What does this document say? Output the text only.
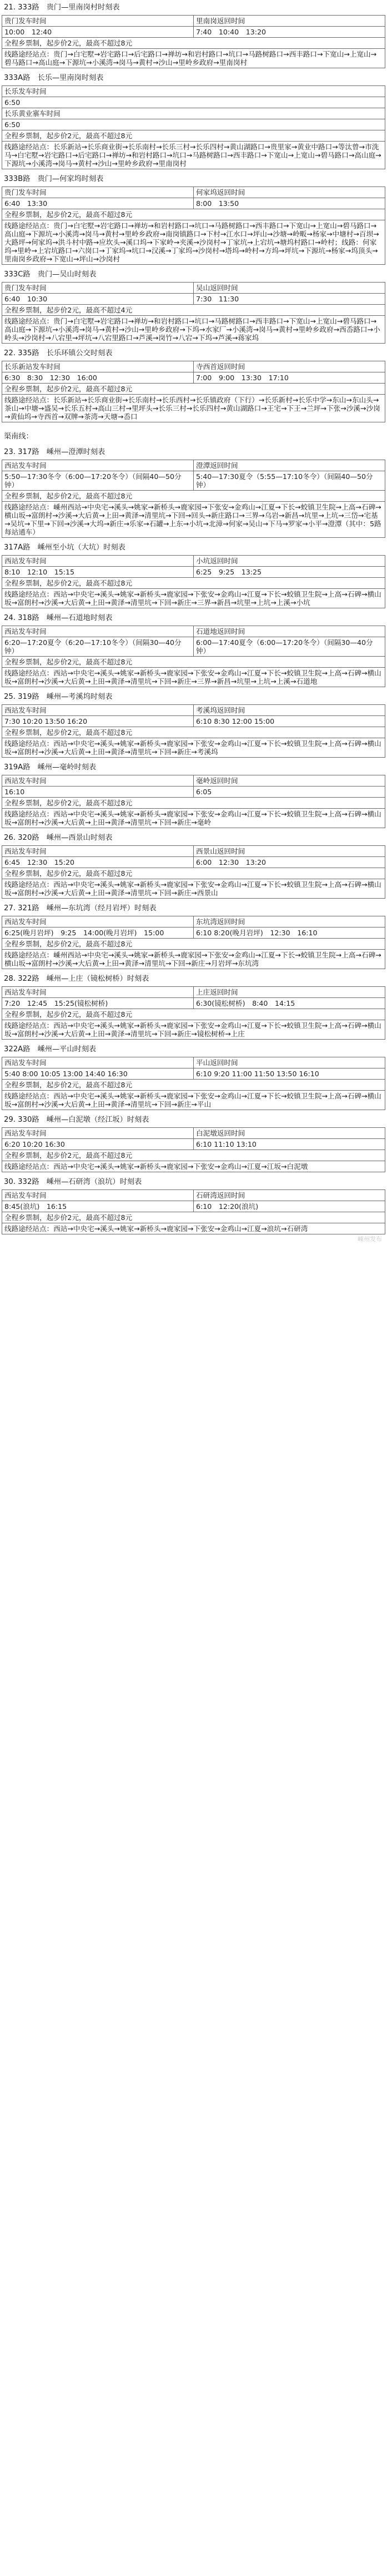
21. 333路　贵门—里南岗村时刻表
贵门发车时间	里南岗返回时间
10:00　12:40	7:40　10:40　13:20
全程乡票制，起步价2元，最高不超过8元	
线路途经站点：贵门→白宅墅→岩宅路口→后宅路口→禅坊→和岩村路口→坑口→马路树路口→西丰路口→下宽山→上宽山→碧马路口→高山庭→下源坑→小溪湾→岗马→黄村→沙山→里岭乡政府→里南岗村	
333A路　长乐—里南岗时刻表
长乐发车时间
6:50
长乐黄业寨车时间
6:50
全程乡票制，起步价2元，最高不超过8元
线路途经站点：长乐新站→长乐商业街→长乐南村→长乐三村→长乐四村→黄山湖路口→贵里家→黄业中路口→等汰曾→市洗马→白宅墅→岩宅路口→后宅路口→禅坊→和岩村路口→坑口→马路树路口→西丰路口→下宽山→上宽山→碧马路口→高山庭→下源坑→小溪湾→岗马→黄村→沙山→里岭乡政府→里南岗村
333B路　贵门—何家坞时刻表
贵门发车时间	何家坞返回时间
6:40　13:30	8:00　13:50
全程乡票制，起步价2元，最高不超过8元	
线路途经站点：贵门→白宅墅→岩宅路口→禅坊→和岩村路口→坑口→马路树路口→西丰路口→下宽山→上宽山→碧马路口→高山庭→下源坑→小溪湾→岗马→黄村→里岭乡政府→南岗镇路口→下村→江水口→坪山→沙塘→岭畈→杨家→中塘村→百坝→大路坪→何家坞→洪斗村中路→应坎头→溪口坞→下家岭→夹溪→沙岗村→丁家坑→上宕坑→塘坞村路口→岭村；线路：何家坞→里岭→上宕坑路口→六岗口→丁家坞→坑口→汉溪→丁家坞→沙岗村→塔坞→岭村→方坞→坪坑→下源坑→杨家→坞顶头→里南岗乡政府→下宽山→坪山→沙岗村	
333C路　贵门—吴山时刻表
贵门发车时间	吴山返回时间
6:40　10:30	7:30　11:30
全程乡票制，起步价2元，最高不超过4元	
线路途经站点：贵门→白宅墅→岩宅路口→禅坊→和岩村路口→坑口→马路树路口→西丰路口→下宽山→上宽山→碧马路口→高山庭→下源坑→小溪湾→岗马→黄村→沙山→里岭乡政府→下坞→水家厂→小溪湾→岗马→黄村→里岭乡政府→西岙路口→小岭头→沙岗村→八宕里→坪坑→八宕里路口→芦溪→岗竹→八宕→下坞→芦溪→蒋家坞	
22. 335路　长乐环镇公交时刻表
长乐新站发车时间	寺西首返回时间
6:30　8:30　12:30　16:00	7:00　9:00　13:30　17:10
全程乡票制，起步价2元，最高不超过8元	
线路途经站点：长乐新站→长乐商业街→长乐南村→长乐西村→长乐镇政府（下行）→长乐新村→长乐中学→东山→东山头→茶山→中塘→盛吴→长乐五村→高山三村→里坪头→长乐三村→长乐四村→黄山湖路口→王宅→下王→兰坪→下张→沙溪→沙岗→黄仙坞→寺西首→双牌→茶湾→天塘→岙口	
渠南线：
23. 317路　嵊州—澄潭时刻表
西站发车时间	澄潭返回时间
5:50—17:30冬令（6:00—17:20冬令）（间隔40—50分钟）	5:40—17:30夏令（5:55—17:10冬令）（间隔40—50分钟）
全程乡票制，起步价2元，最高不超过8元	
线路途经站点：嵊州西站→中央宅→溪头→姚家→新桥头→鹿家园→下张安→金鸡山→江夏→下长→蛟镇卫生院→上高→石碑→横山坂→富朗村→沙溪→大后黄→上田→黄泽→清里坑→下回→回头→新庄路口→三界→乌岩→新昌→坑里→上坑→三岱→宅基→吴坑→下里→下回→沙溪→大坞→新庄→乐家→石罐→上东→小坑→北漳→何家→吴山→下马→罗家→小平→澄潭（其中：5路每站通车）	
317A路　嵊州至小坑（大坑）时刻表
西站发车时间	小坑返回时间
8:10　12:10　15:15	6:25　9:25　13:25
全程乡票制，起步价2元，最高不超过8元	
线路途经站点：西站→中央宅→溪头→姚家→新桥头→鹿家园→下张安→金鸡山→江夏→下长→蛟镇卫生院→上高→石碑→横山坂→富朗村→沙溪→大后黄→上田→黄泽→清里坑→下回→新庄→三界→新昌→坑里→上坑→上溪→小坑	
24. 318路　嵊州—石道地时刻表
西站发车时间	石道地返回时间
6:20—17:20夏令（6:20—17:10冬令）（间隔30—40分钟）	6:00—17:40夏令（6:00—17:20冬令）（间隔30—40分钟）
全程乡票制，起步价2元，最高不超过8元	
线路途经站点：西站→中央宅→溪头→姚家→新桥头→鹿家园→下张安→金鸡山→江夏→下长→蛟镇卫生院→上高→石碑→横山坂→富朗村→沙溪→大后黄→上田→黄泽→清里坑→下回→新庄→三界→新昌→坑里→上坑→上溪→石道地	
25. 319路　嵊州—考溪坞时刻表
西站发车时间	考溪坞返回时间
7:30 10:20 13:50 16:20	6:10 8:30 12:00 15:00
全程乡票制，起步价2元，最高不超过8元	
线路途经站点：西站→中央宅→溪头→姚家→新桥头→鹿家园→下张安→金鸡山→江夏→下长→蛟镇卫生院→上高→石碑→横山坂→富朗村→沙溪→大后黄→上田→黄泽→清里坑→下回→新庄→考溪坞	
319A路　嵊州—毫岭时刻表
西站发车时间	毫岭返回时间
16:10	6:05
全程乡票制，起步价2元，最高不超过8元	
线路途经站点：西站→中央宅→溪头→姚家→新桥头→鹿家园→下张安→金鸡山→江夏→下长→蛟镇卫生院→上高→石碑→横山坂→富朗村→沙溪→大后黄→上田→黄泽→清里坑→下回→新庄→毫岭	
26. 320路　嵊州—西景山时刻表
西站发车时间	西景山返回时间
6:45　12:30　15:20	6:00　12:30　13:20
全程乡票制，起步价2元，最高不超过8元	
线路途经站点：西站→中央宅→溪头→姚家→新桥头→鹿家园→下张安→金鸡山→江夏→下长→蛟镇卫生院→上高→石碑→横山坂→富朗村→沙溪→大后黄→上田→黄泽→清里坑→下回→新庄→西景山	
27. 321路　嵊州—东坑湾（经月岩坪）时刻表
西站发车时间	东坑湾返回时间
6:25(晚月岩坪)　9:25　14:00(晚月岩坪)　15:00	6:10 8:20(晚月岩坪)　12:30　16:10
全程乡票制，起步价2元，最高不超过8元	
线路途经站点：嵊州西站→中央宅→溪头→姚家→新桥头→鹿家园→下张安→金鸡山→江夏→下长→蛟镇卫生院→上高→石碑→横山坂→富朗村→沙溪→大后黄→上田→黄泽→清里坑→下回→新庄→月岩坪→东坑湾	
28. 322路　嵊州—上庄（镜松树桥）时刻表
西站发车时间	上庄返回时间
7:20　12:45　15:25(镜松树桥)	6:30(镜松树桥)　8:40　14:15
全程乡票制，起步价2元，最高不超过8元	
线路途经站点：西站→中央宅→溪头→姚家→新桥头→鹿家园→下张安→金鸡山→江夏→下长→蛟镇卫生院→上高→石碑→横山坂→富朗村→沙溪→大后黄→上田→黄泽→清里坑→下回→新庄→镜松树桥→上庄	
322A路　嵊州—平山时刻表
西站发车时间	平山返回时间
5:40 8:00 10:05 13:00 14:40 16:30	6:10 9:20 11:00 11:50 13:50 16:10
全程乡票制，起步价2元，最高不超过8元	
线路途经站点：西站→中央宅→溪头→姚家→新桥头→鹿家园→下张安→金鸡山→江夏→下长→蛟镇卫生院→上高→石碑→横山坂→富朗村→沙溪→大后黄→上田→黄泽→清里坑→下回→新庄→平山	
29. 330路　嵊州—白泥墩（经江坂）时刻表
西站发车时间	白泥墩返回时间
6:20 10:20 16:30	6:10 11:10 13:10
全程乡票制，起步价2元，最高不超过8元	
线路途经站点：西站→中央宅→溪头→姚家→新桥头→鹿家园→下张安→金鸡山→江夏→江坂→白泥墩	
30. 332路　嵊州—石研湾（浪坑）时刻表
西站发车时间	石研湾返回时间
8:45(浪坑)　16:15	6:10　12:20(浪坑)
全程乡票制，起步价2元，最高不超过8元	
线路途经站点：西站→中央宅→溪头→姚家→新桥头→鹿家园→下张安→金鸡山→江夏→浪坑→石研湾	
嵊州发布
